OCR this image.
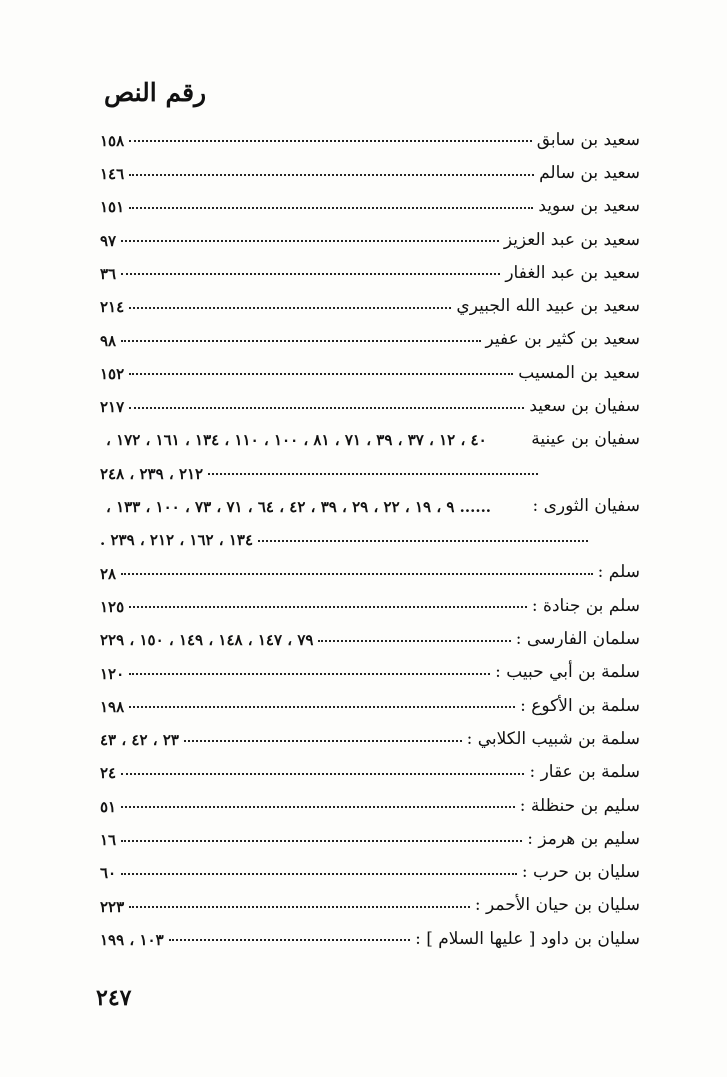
رقم النص
١٥٨	سعيد بن سابق
١٤٦	سعيد بن سالم
١٥١	سعيد بن سويد
٩٧	سعيد بن عبد العزيز
٣٦	سعيد بن عبد الغفار
٢١٤	سعيد بن عبيد الله الجبيري
٩٨	سعيد بن كثير بن عفير
١٥٢	سعيد بن المسيب
٢١٧	سفيان بن سعيد
٤٠ ، ١٢ ، ٣٧ ، ٣٩ ، ٧١ ، ٨١ ، ١٠٠ ، ١١٠ ، ١٣٤ ، ١٦١ ، ١٧٢ ،	سفيان بن عينية
٢١٢ ، ٢٣٩ ، ٢٤٨
...... ٩ ، ١٩ ، ٢٢ ، ٢٩ ، ٣٩ ، ٤٢ ، ٦٤ ، ٧١ ، ٧٣ ، ١٠٠ ، ١٣٣ ،	سفيان الثورى :
١٣٤ ، ١٦٢ ، ٢١٢ ، ٢٣٩ .
٢٨	سلم :
١٢٥	سلم بن جنادة :
٧٩ ، ١٤٧ ، ١٤٨ ، ١٤٩ ، ١٥٠ ، ٢٢٩	سلمان الفارسى :
١٢٠	سلمة بن أبي حبيب :
١٩٨	سلمة بن الأكوع :
٢٣ ، ٤٢ ، ٤٣	سلمة بن شبيب الكلابي :
٢٤	سلمة بن عقار :
٥١	سليم بن حنظلة :
١٦	سليم بن هرمز :
٦٠	سليان بن حرب :
٢٢٣	سليان بن حيان الأحمر :
١٠٣ ، ١٩٩	سليان بن داود [ عليها السلام ] :
٢٤٧
